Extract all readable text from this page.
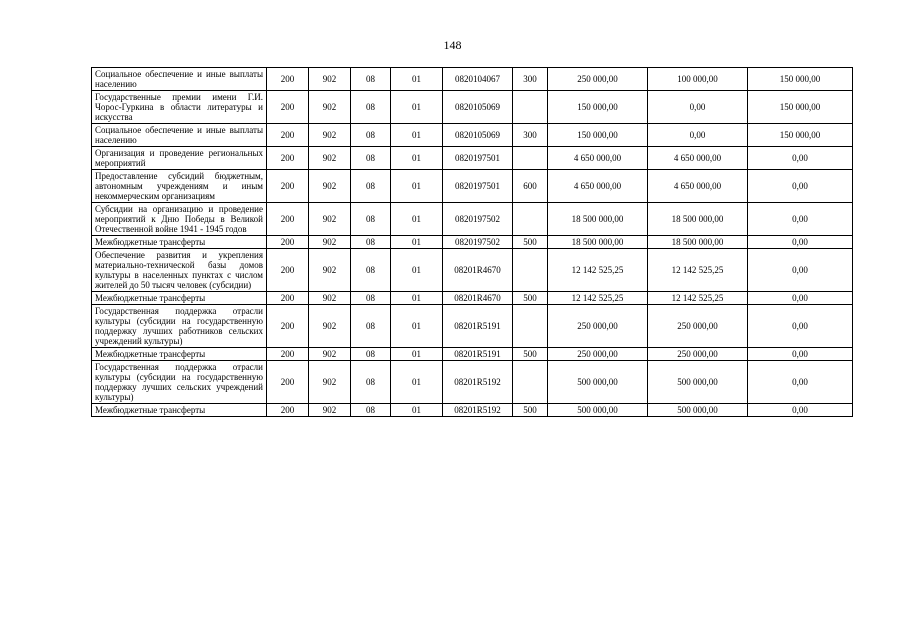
148
Социальное обеспечение и иные выплаты населению	200	902	08	01	0820104067	300	250 000,00	100 000,00	150 000,00
Государственные премии имени Г.И. Чорос-Гуркина в области литературы и искусства	200	902	08	01	0820105069		150 000,00	0,00	150 000,00
Социальное обеспечение и иные выплаты населению	200	902	08	01	0820105069	300	150 000,00	0,00	150 000,00
Организация и проведение региональных мероприятий	200	902	08	01	0820197501		4 650 000,00	4 650 000,00	0,00
Предоставление субсидий бюджетным, автономным учреждениям и иным некоммерческим организациям	200	902	08	01	0820197501	600	4 650 000,00	4 650 000,00	0,00
Субсидии на организацию и проведение мероприятий к Дню Победы в Великой Отечественной войне 1941 - 1945 годов	200	902	08	01	0820197502		18 500 000,00	18 500 000,00	0,00
Межбюджетные трансферты	200	902	08	01	0820197502	500	18 500 000,00	18 500 000,00	0,00
Обеспечение развития и укрепления материально-технической базы домов культуры в населенных пунктах с числом жителей до 50 тысяч человек (субсидии)	200	902	08	01	08201R4670		12 142 525,25	12 142 525,25	0,00
Межбюджетные трансферты	200	902	08	01	08201R4670	500	12 142 525,25	12 142 525,25	0,00
Государственная поддержка отрасли культуры (субсидии на государственную поддержку лучших работников сельских учреждений культуры)	200	902	08	01	08201R5191		250 000,00	250 000,00	0,00
Межбюджетные трансферты	200	902	08	01	08201R5191	500	250 000,00	250 000,00	0,00
Государственная поддержка отрасли культуры (субсидии на государственную поддержку лучших сельских учреждений культуры)	200	902	08	01	08201R5192		500 000,00	500 000,00	0,00
Межбюджетные трансферты	200	902	08	01	08201R5192	500	500 000,00	500 000,00	0,00
